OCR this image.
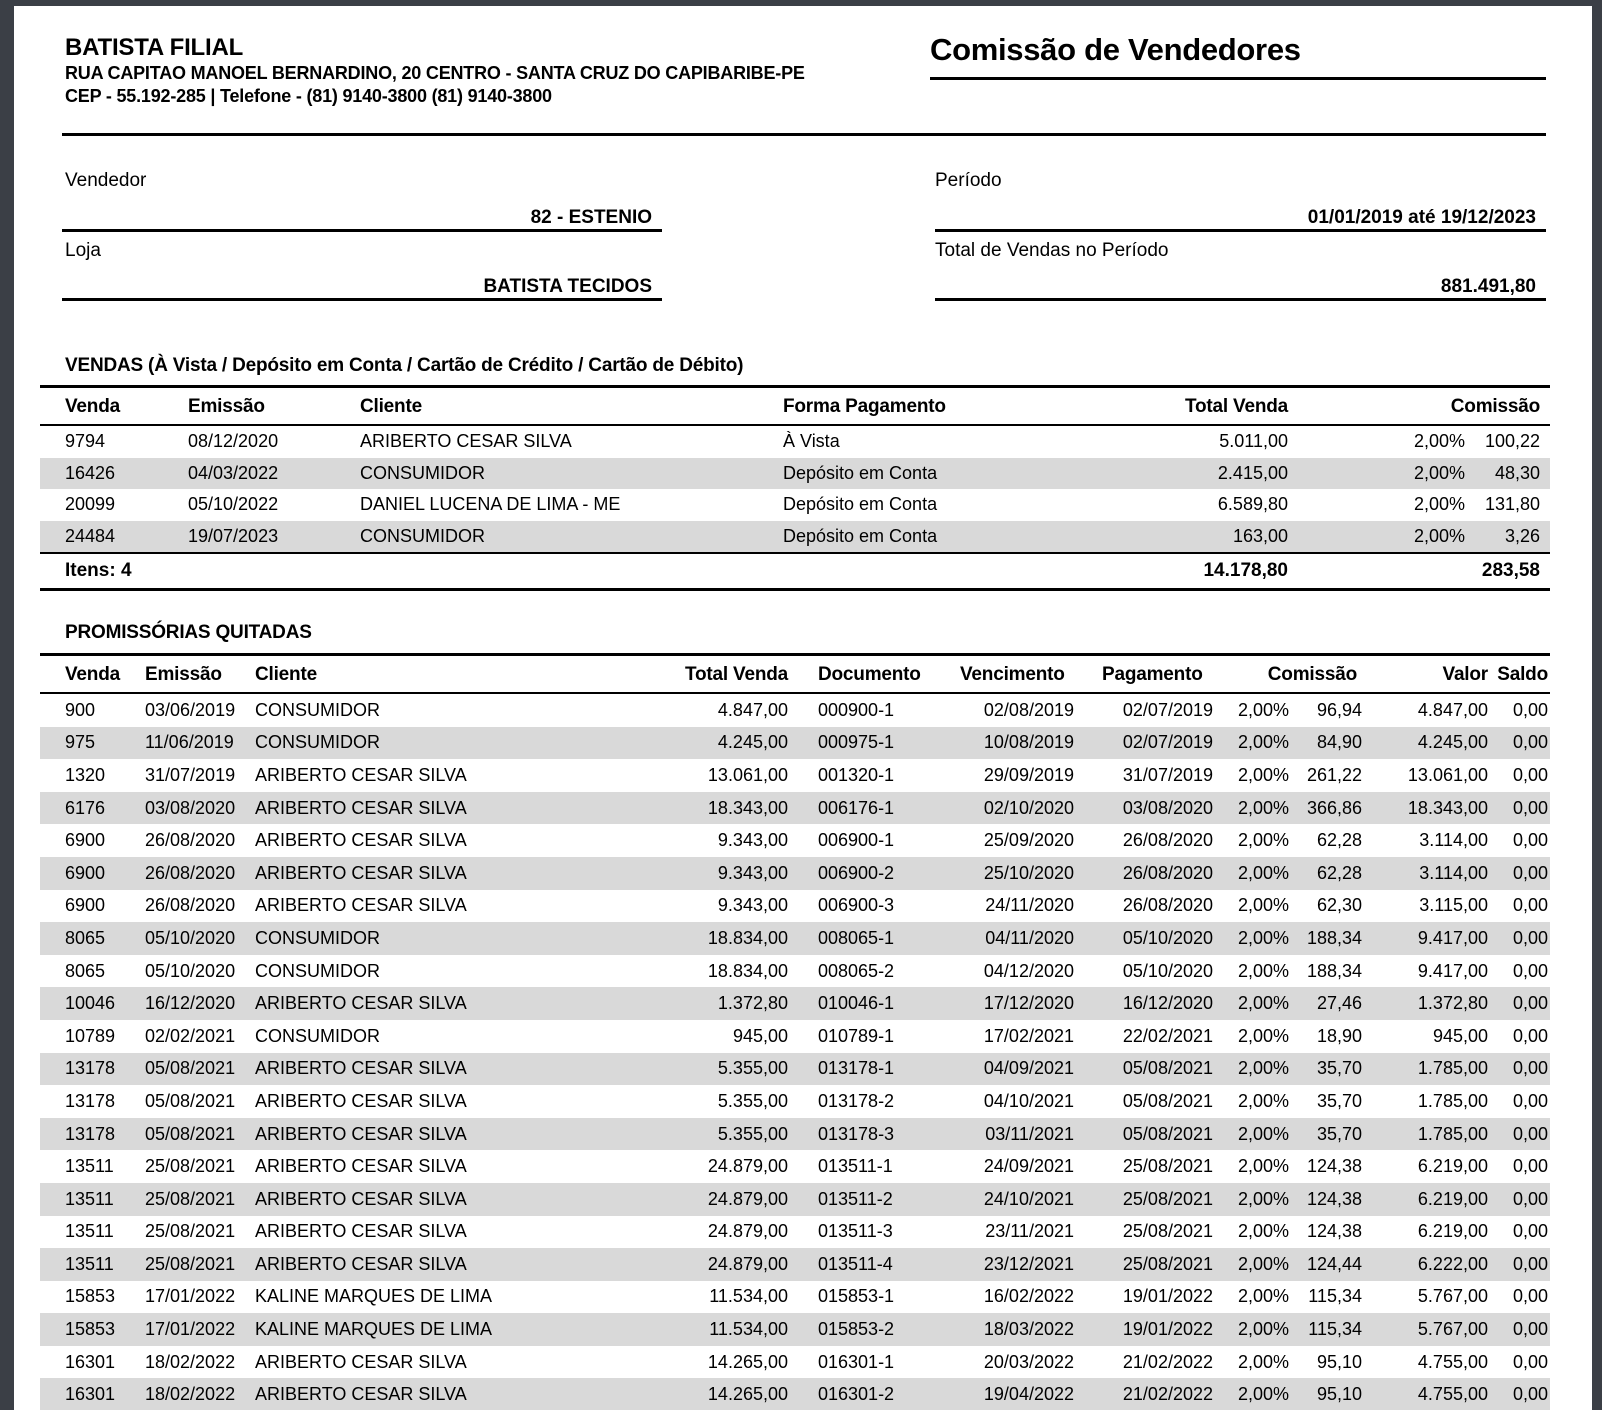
BATISTA FILIAL
RUA CAPITAO MANOEL BERNARDINO, 20 CENTRO - SANTA CRUZ DO CAPIBARIBE-PE
CEP - 55.192-285 | Telefone - (81) 9140-3800 (81) 9140-3800
Comissão de Vendedores
Vendedor
82 - ESTENIO
Loja
BATISTA TECIDOS
Período
01/01/2019 até 19/12/2023
Total de Vendas no Período
881.491,80
VENDAS (À Vista / Depósito em Conta / Cartão de Crédito / Cartão de Débito)
Venda	Emissão	Cliente	Forma Pagamento	Total Venda	Comissão	
9794	08/12/2020	ARIBERTO CESAR SILVA	À Vista	5.011,00	2,00%	100,22
16426	04/03/2022	CONSUMIDOR	Depósito em Conta	2.415,00	2,00%	48,30
20099	05/10/2022	DANIEL LUCENA DE LIMA - ME	Depósito em Conta	6.589,80	2,00%	131,80
24484	19/07/2023	CONSUMIDOR	Depósito em Conta	163,00	2,00%	3,26
Itens: 4				14.178,80		283,58
PROMISSÓRIAS QUITADAS
Venda	Emissão	Cliente	Total Venda	Documento	Vencimento	Pagamento	Comissão		Valor	Saldo
900	03/06/2019	CONSUMIDOR	4.847,00	000900-1	02/08/2019	02/07/2019	2,00%	96,94	4.847,00	0,00
975	11/06/2019	CONSUMIDOR	4.245,00	000975-1	10/08/2019	02/07/2019	2,00%	84,90	4.245,00	0,00
1320	31/07/2019	ARIBERTO CESAR SILVA	13.061,00	001320-1	29/09/2019	31/07/2019	2,00%	261,22	13.061,00	0,00
6176	03/08/2020	ARIBERTO CESAR SILVA	18.343,00	006176-1	02/10/2020	03/08/2020	2,00%	366,86	18.343,00	0,00
6900	26/08/2020	ARIBERTO CESAR SILVA	9.343,00	006900-1	25/09/2020	26/08/2020	2,00%	62,28	3.114,00	0,00
6900	26/08/2020	ARIBERTO CESAR SILVA	9.343,00	006900-2	25/10/2020	26/08/2020	2,00%	62,28	3.114,00	0,00
6900	26/08/2020	ARIBERTO CESAR SILVA	9.343,00	006900-3	24/11/2020	26/08/2020	2,00%	62,30	3.115,00	0,00
8065	05/10/2020	CONSUMIDOR	18.834,00	008065-1	04/11/2020	05/10/2020	2,00%	188,34	9.417,00	0,00
8065	05/10/2020	CONSUMIDOR	18.834,00	008065-2	04/12/2020	05/10/2020	2,00%	188,34	9.417,00	0,00
10046	16/12/2020	ARIBERTO CESAR SILVA	1.372,80	010046-1	17/12/2020	16/12/2020	2,00%	27,46	1.372,80	0,00
10789	02/02/2021	CONSUMIDOR	945,00	010789-1	17/02/2021	22/02/2021	2,00%	18,90	945,00	0,00
13178	05/08/2021	ARIBERTO CESAR SILVA	5.355,00	013178-1	04/09/2021	05/08/2021	2,00%	35,70	1.785,00	0,00
13178	05/08/2021	ARIBERTO CESAR SILVA	5.355,00	013178-2	04/10/2021	05/08/2021	2,00%	35,70	1.785,00	0,00
13178	05/08/2021	ARIBERTO CESAR SILVA	5.355,00	013178-3	03/11/2021	05/08/2021	2,00%	35,70	1.785,00	0,00
13511	25/08/2021	ARIBERTO CESAR SILVA	24.879,00	013511-1	24/09/2021	25/08/2021	2,00%	124,38	6.219,00	0,00
13511	25/08/2021	ARIBERTO CESAR SILVA	24.879,00	013511-2	24/10/2021	25/08/2021	2,00%	124,38	6.219,00	0,00
13511	25/08/2021	ARIBERTO CESAR SILVA	24.879,00	013511-3	23/11/2021	25/08/2021	2,00%	124,38	6.219,00	0,00
13511	25/08/2021	ARIBERTO CESAR SILVA	24.879,00	013511-4	23/12/2021	25/08/2021	2,00%	124,44	6.222,00	0,00
15853	17/01/2022	KALINE MARQUES DE LIMA	11.534,00	015853-1	16/02/2022	19/01/2022	2,00%	115,34	5.767,00	0,00
15853	17/01/2022	KALINE MARQUES DE LIMA	11.534,00	015853-2	18/03/2022	19/01/2022	2,00%	115,34	5.767,00	0,00
16301	18/02/2022	ARIBERTO CESAR SILVA	14.265,00	016301-1	20/03/2022	21/02/2022	2,00%	95,10	4.755,00	0,00
16301	18/02/2022	ARIBERTO CESAR SILVA	14.265,00	016301-2	19/04/2022	21/02/2022	2,00%	95,10	4.755,00	0,00
